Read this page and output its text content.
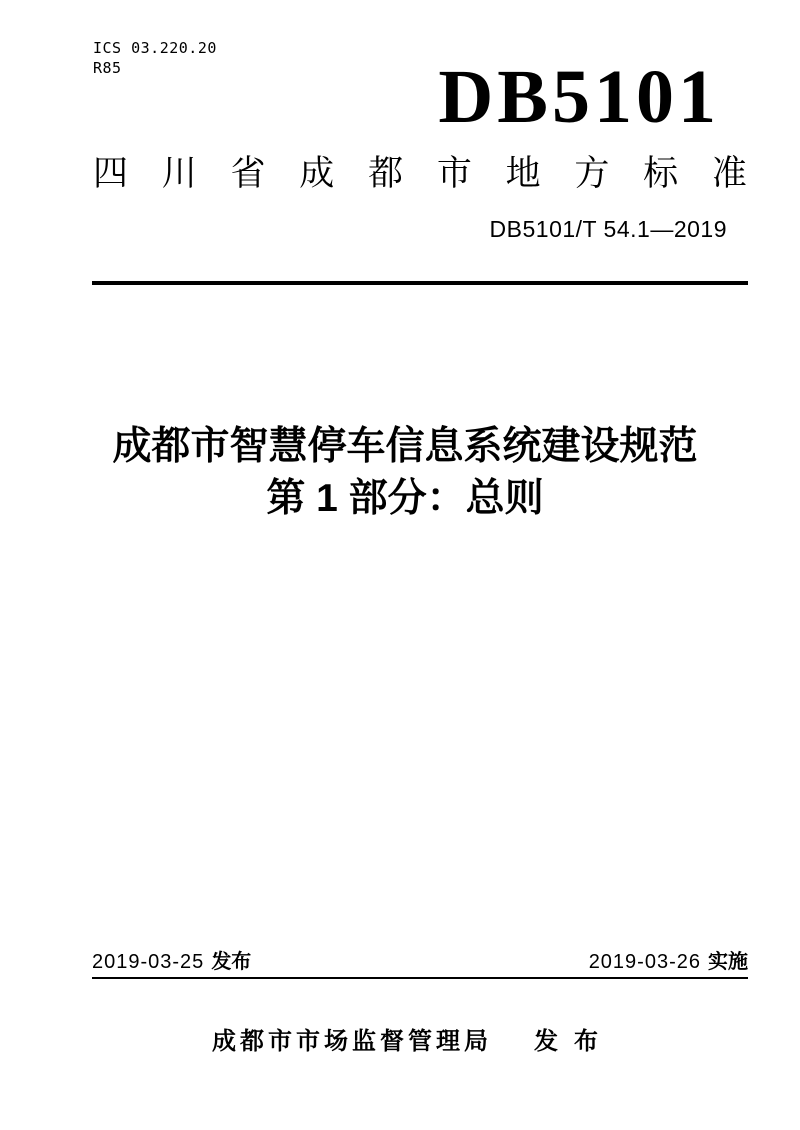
ICS 03.220.20
R85	DB5101
四 川 省 成 都 市 地 方 标 准
DB5101/T 54.1—2019
成都市智慧停车信息系统建设规范
第 1 部分：总则
2019-03-25 发布	2019-03-26 实施
成都市市场监督管理局 发布
